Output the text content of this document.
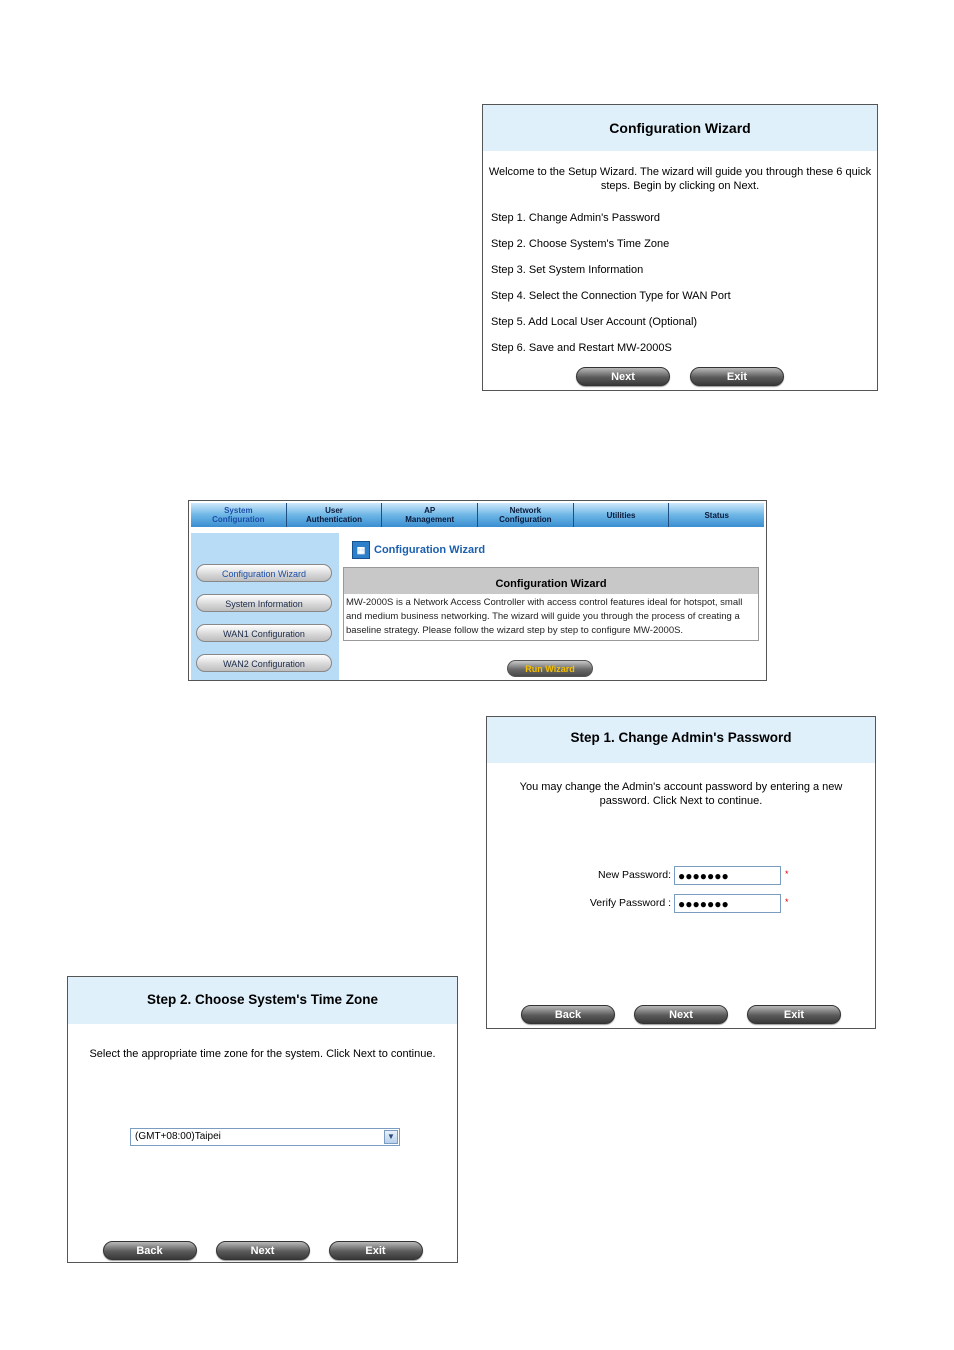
Configuration Wizard
Welcome to the Setup Wizard. The wizard will guide you through these 6 quick steps. Begin by clicking on Next.
Step 1. Change Admin's Password
Step 2. Choose System's Time Zone
Step 3. Set System Information
Step 4. Select the Connection Type for WAN Port
Step 5. Add Local User Account (Optional)
Step 6. Save and Restart MW-2000S
Next	Exit
System
Configuration
User
Authentication
AP
Management
Network
Configuration	Utilities	Status
Configuration Wizard
System Information
WAN1 Configuration
WAN2 Configuration
▦ Configuration Wizard
Configuration Wizard
MW-2000S is a Network Access Controller with access control features ideal for hotspot, small and medium business networking. The wizard will guide you through the process of creating a baseline strategy. Please follow the wizard step by step to configure MW-2000S.
Run Wizard
Step 1. Change Admin's Password
You may change the Admin's account password by entering a new password. Click Next to continue.
New Password: ●●●●●●●	*
Verify Password : ●●●●●●●	*
Back	Next	Exit
Step 2. Choose System's Time Zone
Select the appropriate time zone for the system. Click Next to continue.
(GMT+08:00)Taipei	▼
Back	Next	Exit
